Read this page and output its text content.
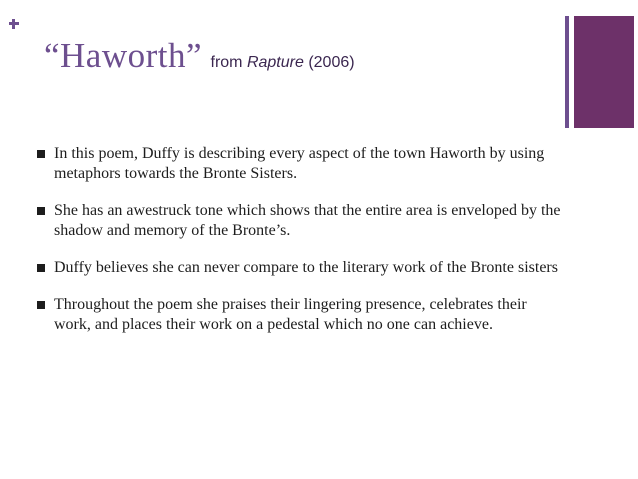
“Haworth” from Rapture (2006)
In this poem, Duffy is describing every aspect of the town Haworth by using metaphors towards the Bronte Sisters.
She has an awestruck tone which shows that the entire area is enveloped by the shadow and memory of the Bronte’s.
Duffy believes she can never compare to the literary work of the Bronte sisters
Throughout the poem she praises their lingering presence, celebrates their work, and places their work on a pedestal which no one can achieve.
